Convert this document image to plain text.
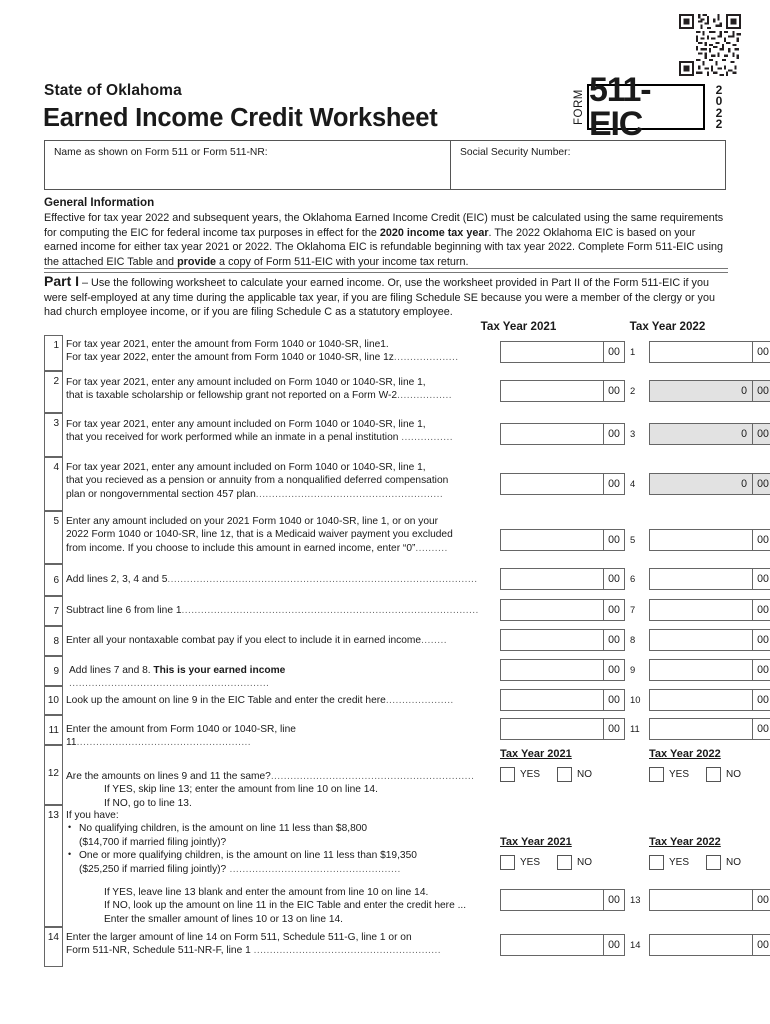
State of Oklahoma
Earned Income Credit Worksheet	FORM 511-EIC
2
0
2
2
Name as shown on Form 511 or Form 511-NR:	Social Security Number:
General Information
Effective for tax year 2022 and subsequent years, the Oklahoma Earned Income Credit (EIC) must be calculated using the same requirements for computing the EIC for federal income tax purposes in effect for the 2020 income tax year. The 2022 Oklahoma EIC is based on your earned income for either tax year 2021 or 2022. The Oklahoma EIC is refundable beginning with tax year 2022. Complete Form 511-EIC using the attached EIC Table and provide a copy of Form 511-EIC with your income tax return.
Part I – Use the following worksheet to calculate your earned income. Or, use the worksheet provided in Part II of the Form 511-EIC if you were self-employed at any time during the applicable tax year, if you are filing Schedule SE because you were a member of the clergy or you had church employee income, or if you are filing Schedule C as a statutory employee.
Tax Year 2021	Tax Year 2022
1 For tax year 2021, enter the amount from Form 1040 or 1040-SR, line1.
For tax year 2022, enter the amount from Form 1040 or 1040-SR, line 1z....................	00	1	00
2 For tax year 2021, enter any amount included on Form 1040 or 1040-SR, line 1,
that is taxable scholarship or fellowship grant not reported on a Form W-2.................	00	2	0 00
3 For tax year 2021, enter any amount included on Form 1040 or 1040-SR, line 1,
that you received for work performed while an inmate in a penal institution ................	00	3	0 00
4 For tax year 2021, enter any amount included on Form 1040 or 1040-SR, line 1,
that you recieved as a pension or annuity from a nonqualified deferred compensation
plan or nongovernmental section 457 plan..........................................................
00	4	0 00
5 Enter any amount included on your 2021 Form 1040 or 1040-SR, line 1, or on your
2022 Form 1040 or 1040-SR, line 1z, that is a Medicaid waiver payment you excluded
from income. If you choose to include this amount in earned income, enter “0”..........
00	5	00
6 Add lines 2, 3, 4 and 5................................................................................................	00	6	00
7 Subtract line 6 from line 1............................................................................................	00	7	00
8 Enter all your nontaxable combat pay if you elect to include it in earned income........	00	8	00
9 Add lines 7 and 8. This is your earned income ..............................................................
00	9	00
10 Look up the amount on line 9 in the EIC Table and enter the credit here.....................	00	10	00
11 Enter the amount from Form 1040 or 1040-SR, line 11......................................................
00	11	00
12 Are the amounts on lines 9 and 11 the same?...............................................................
If YES, skip line 13; enter the amount from line 10 on line 14.
If NO, go to line 13.
Tax Year 2021	Tax Year 2022
YES	NO	YES	NO
13 If you have:
• No qualifying children, is the amount on line 11 less than $8,800
($14,700 if married filing jointly)?
• One or more qualifying children, is the amount on line 11 less than $19,350
($25,250 if married filing jointly)? .....................................................
If YES, leave line 13 blank and enter the amount from line 10 on line 14.
If NO, look up the amount on line 11 in the EIC Table and enter the credit here ...
Enter the smaller amount of lines 10 or 13 on line 14.
Tax Year 2021	Tax Year 2022
YES	NO	YES	NO
00	13	00
14 Enter the larger amount of line 14 on Form 511, Schedule 511-G, line 1 or on
Form 511-NR, Schedule 511-NR-F, line 1 ..........................................................	00	14	00
